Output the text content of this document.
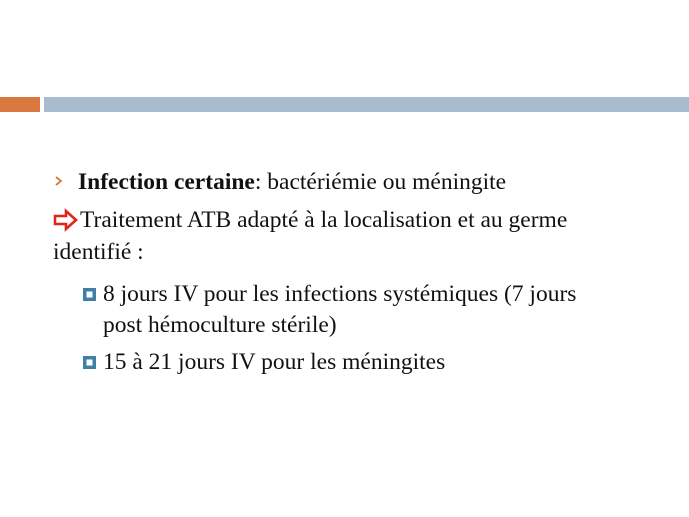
Infection certaine: bactériémie ou méningite
Traitement ATB adapté à la localisation et au germe
identifié :
8 jours IV pour les infections systémiques (7 jours
post hémoculture stérile)
15 à 21 jours IV pour les méningites
